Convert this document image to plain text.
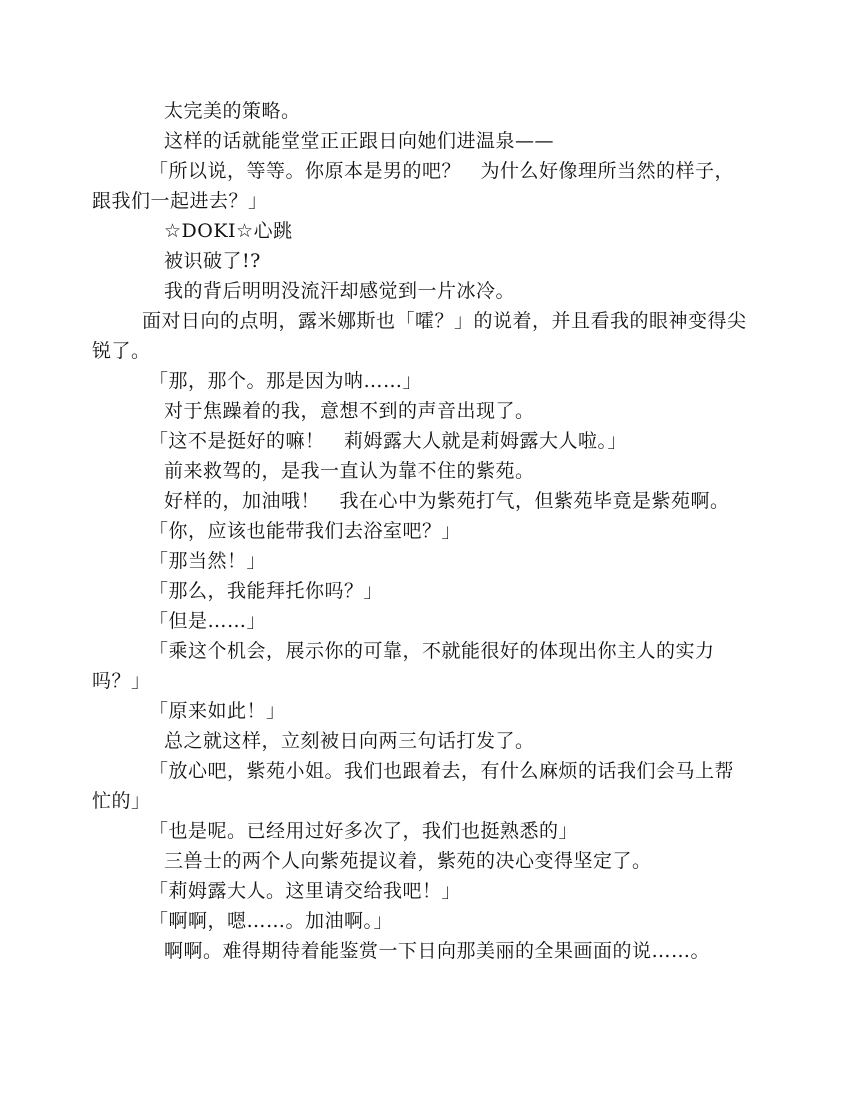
太完美的策略。

这样的话就能堂堂正正跟日向她们进温泉——

「所以说，等等。你原本是男的吧？　为什么好像理所当然的样子，跟我们一起进去？」

☆DOKI☆心跳

被识破了!?

我的背后明明没流汗却感觉到一片冰冷。

面对日向的点明，露米娜斯也「嚯？」的说着，并且看我的眼神变得尖锐了。

「那，那个。那是因为呐……」

对于焦躁着的我，意想不到的声音出现了。

「这不是挺好的嘛！　莉姆露大人就是莉姆露大人啦。」

前来救驾的，是我一直认为靠不住的紫苑。

好样的，加油哦！　我在心中为紫苑打气，但紫苑毕竟是紫苑啊。

「你，应该也能带我们去浴室吧？」

「那当然！」

「那么，我能拜托你吗？」

「但是……」

「乘这个机会，展示你的可靠，不就能很好的体现出你主人的实力吗？」

「原来如此！」

总之就这样，立刻被日向两三句话打发了。

「放心吧，紫苑小姐。我们也跟着去，有什么麻烦的话我们会马上帮忙的」

「也是呢。已经用过好多次了，我们也挺熟悉的」

三兽士的两个人向紫苑提议着，紫苑的决心变得坚定了。

「莉姆露大人。这里请交给我吧！」

「啊啊，嗯……。加油啊。」

啊啊。难得期待着能鉴赏一下日向那美丽的全果画面的说……。
